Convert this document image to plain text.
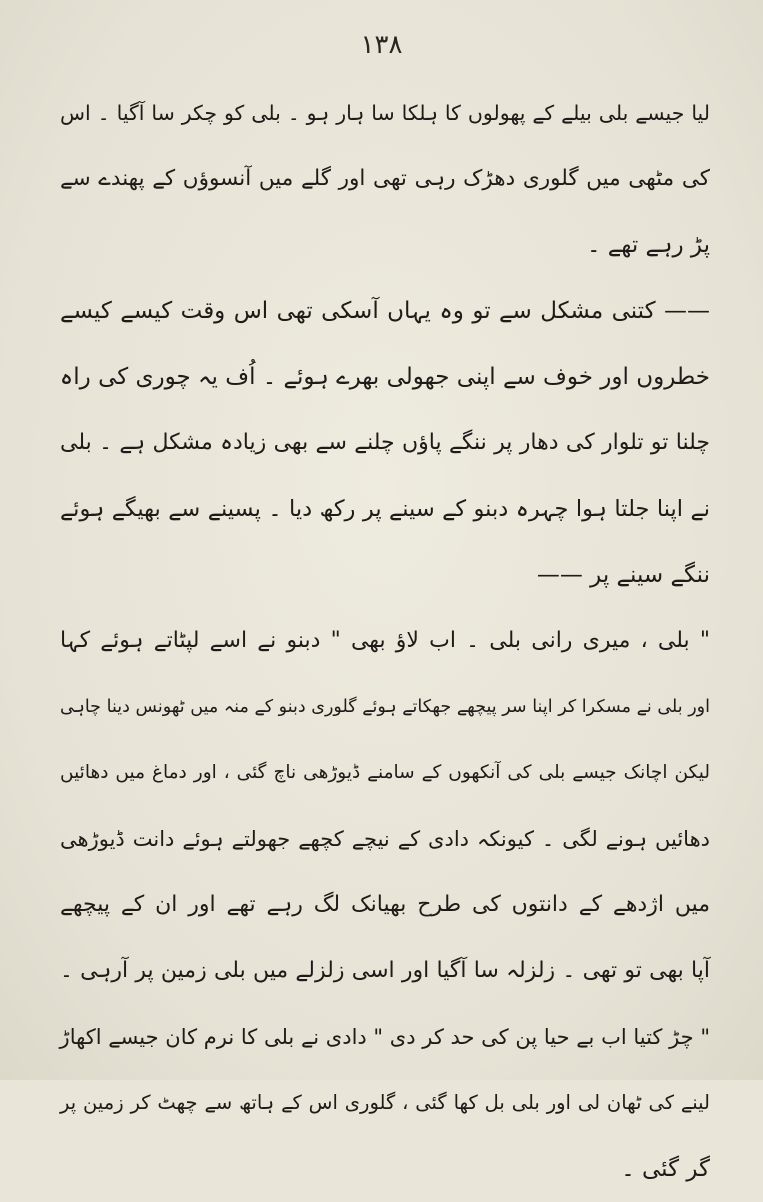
١٣٨
لیا جیسے بلی بیلے کے پھولوں کا ہلکا سا ہار ہو ۔ بلی کو چکر سا آگیا ۔ اس
کی مٹھی میں گلوری دھڑک رہی تھی اور گلے میں آنسوؤں کے پھندے سے
پڑ رہے تھے ۔
—— کتنی مشکل سے تو وہ یہاں آسکی تھی اس وقت کیسے کیسے
خطروں اور خوف سے اپنی جھولی بھرے ہوئے ۔ اُف یہ چوری کی راہ
چلنا تو تلوار کی دھار پر ننگے پاؤں چلنے سے بھی زیادہ مشکل ہے ۔ بلی
نے اپنا جلتا ہوا چہرہ دبنو کے سینے پر رکھ دیا ۔ پسینے سے بھیگے ہوئے
ننگے سینے پر ——
" بلی ، میری رانی بلی ۔ اب لاؤ بھی " دبنو نے اسے لپٹاتے ہوئے کہا
اور بلی نے مسکرا کر اپنا سر پیچھے جھکاتے ہوئے گلوری دبنو کے منہ میں ٹھونس دینا چاہی
لیکن اچانک جیسے بلی کی آنکھوں کے سامنے ڈیوڑھی ناچ گئی ، اور دماغ میں دھائیں
دھائیں ہونے لگی ۔ کیونکہ دادی کے نیچے کچھے جھولتے ہوئے دانت ڈیوڑھی
میں اژدھے کے دانتوں کی طرح بھیانک لگ رہے تھے اور ان کے پیچھے
آپا بھی تو تھی ۔ زلزلہ سا آگیا اور اسی زلزلے میں بلی زمین پر آرہی ۔
" چڑ کتیا اب بے حیا پن کی حد کر دی " دادی نے بلی کا نرم کان جیسے اکھاڑ
لینے کی ٹھان لی اور بلی بل کھا گئی ، گلوری اس کے ہاتھ سے چھٹ کر زمین پر
گر گئی ۔
